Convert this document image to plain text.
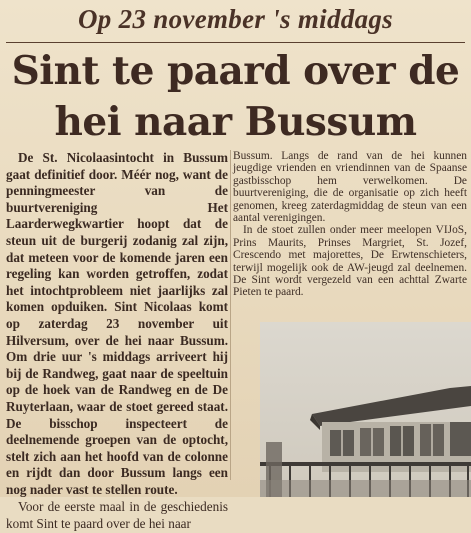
Op 23 november 's middags
Sint te paard over de
hei naar Bussum

De St. Nicolaasintocht in Bussum gaat definitief door. Méér nog, want de penningmeester van de buurtvereniging Het Laarderwegkwartier hoopt dat de steun uit de burgerij zodanig zal zijn, dat meteen voor de komende jaren een regeling kan worden getroffen, zodat het intochtprobleem niet jaarlijks zal komen opduiken. Sint Nicolaas komt op zaterdag 23 november uit Hilversum, over de hei naar Bussum. Om drie uur 's middags arriveert hij bij de Randweg, gaat naar de speeltuin op de hoek van de Randweg en de De Ruyterlaan, waar de stoet gereed staat. De bisschop inspecteert de deelnemende groepen van de optocht, stelt zich aan het hoofd van de colonne en rijdt dan door Bussum langs een nog nader vast te stellen route.

Voor de eerste maal in de geschiedenis komt Sint te paard over de hei naar

Bussum. Langs de rand van de hei kunnen jeugdige vrienden en vriendinnen van de Spaanse gastbisschop hem verwelkomen. De buurtvereniging, die de organisatie op zich heeft genomen, kreeg zaterdagmiddag de steun van een aantal verenigingen.

In de stoet zullen onder meer meelopen VIJoS, Prins Maurits, Prinses Margriet, St. Jozef, Crescendo met majorettes, De Erwtenschieters, terwijl mogelijk ook de AW-jeugd zal deelnemen. De Sint wordt vergezeld van een achttal Zwarte Pieten te paard.
